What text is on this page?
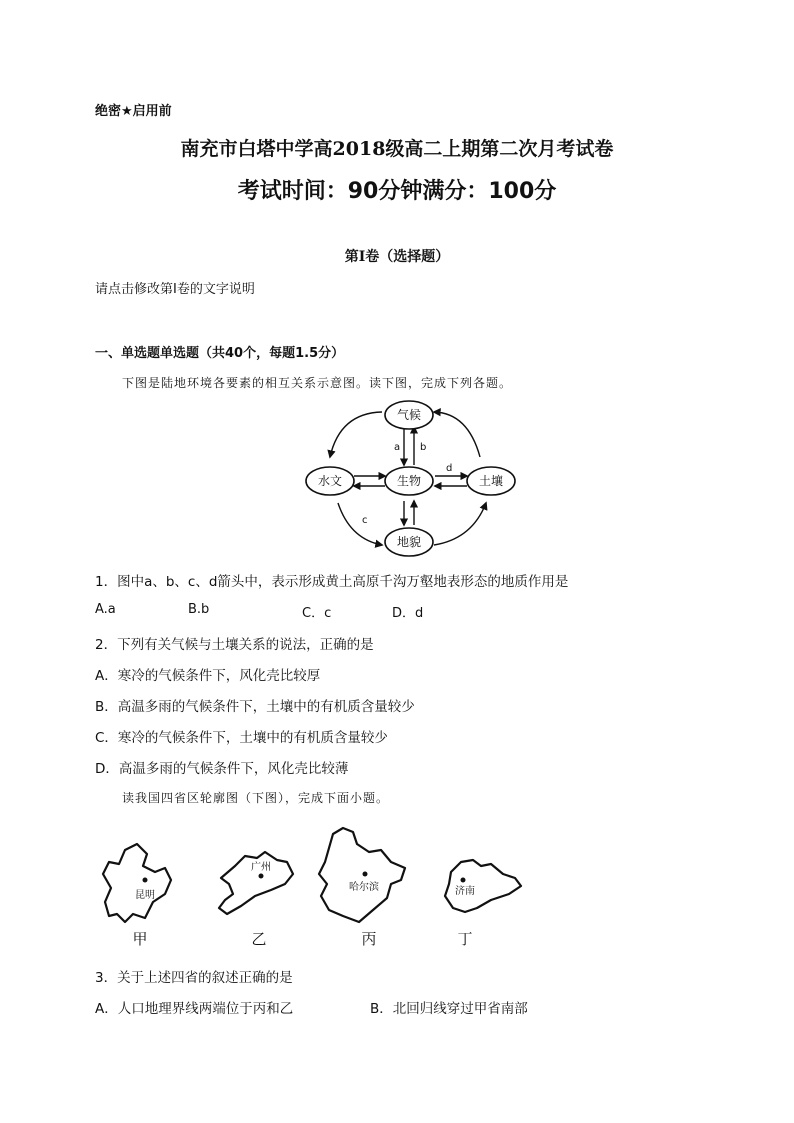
绝密★启用前
南充市白塔中学高2018级高二上期第二次月考试卷
考试时间：90分钟满分：100分
第I卷（选择题）
请点击修改第I卷的文字说明
一、单选题单选题（共40个，每题1.5分）
下图是陆地环境各要素的相互关系示意图。读下图，完成下列各题。
气候
水文	生物	土壤
地貌
a b
d
c
1．图中a、b、c、d箭头中，表示形成黄土高原千沟万壑地表形态的地质作用是
A.a	B.b	C．c	D．d
2．下列有关气候与土壤关系的说法，正确的是
A．寒冷的气候条件下，风化壳比较厚
B．高温多雨的气候条件下，土壤中的有机质含量较少
C．寒冷的气候条件下，土壤中的有机质含量较少
D．高温多雨的气候条件下，风化壳比较薄
读我国四省区轮廓图（下图），完成下面小题。
昆明
广州
哈尔滨	济南
甲	乙	丙	丁
3．关于上述四省的叙述正确的是
A．人口地理界线两端位于丙和乙	B．北回归线穿过甲省南部
